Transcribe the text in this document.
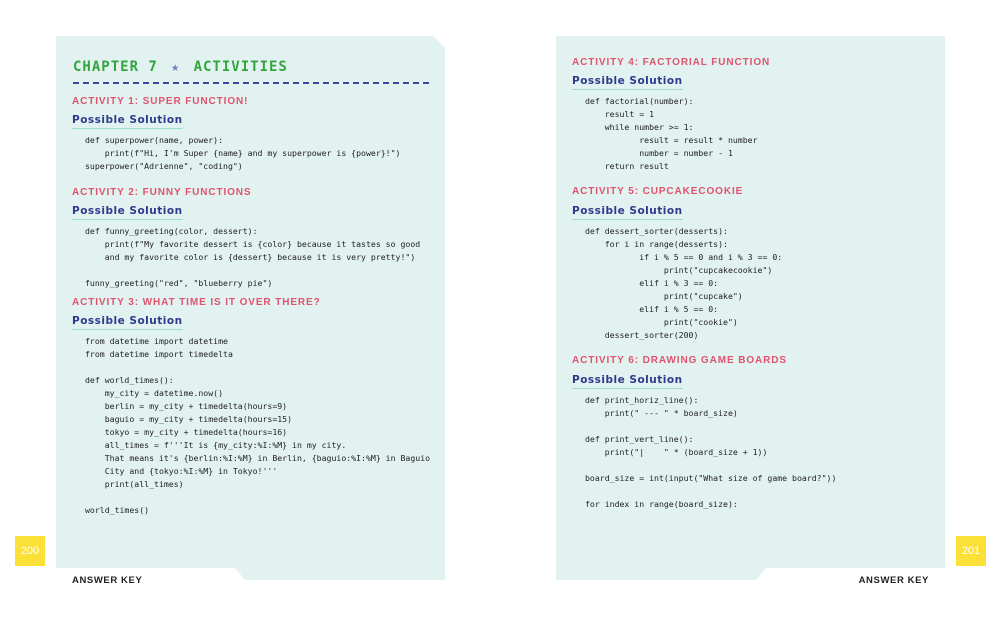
CHAPTER 7 ★ ACTIVITIES
ACTIVITY 1: SUPER FUNCTION!
Possible Solution
def superpower(name, power):
print(f"Hi, I'm Super {name} and my superpower is {power}!")
superpower("Adrienne", "coding")
ACTIVITY 2: FUNNY FUNCTIONS
Possible Solution
def funny_greeting(color, dessert):
print(f"My favorite dessert is {color} because it tastes so good
and my favorite color is {dessert} because it is very pretty!")

funny_greeting("red", "blueberry pie")
ACTIVITY 3: WHAT TIME IS IT OVER THERE?
Possible Solution
from datetime import datetime
from datetime import timedelta

def world_times():
my_city = datetime.now()
berlin = my_city + timedelta(hours=9)
baguio = my_city + timedelta(hours=15)
tokyo = my_city + timedelta(hours=16)
all_times = f'''It is {my_city:%I:%M} in my city.
That means it's {berlin:%I:%M} in Berlin, {baguio:%I:%M} in Baguio
City and {tokyo:%I:%M} in Tokyo!'''
print(all_times)

world_times()
200
ANSWER KEY
ACTIVITY 4: FACTORIAL FUNCTION
Possible Solution
def factorial(number):
result = 1
while number >= 1:
result = result * number
number = number - 1
return result
ACTIVITY 5: CUPCAKECOOKIE
Possible Solution
def dessert_sorter(desserts):
for i in range(desserts):
if i % 5 == 0 and i % 3 == 0:
print("cupcakecookie")
elif i % 3 == 0:
print("cupcake")
elif i % 5 == 0:
print("cookie")
dessert_sorter(200)
ACTIVITY 6: DRAWING GAME BOARDS
Possible Solution
def print_horiz_line():
print(" --- " * board_size)

def print_vert_line():
print("|    " * (board_size + 1))

board_size = int(input("What size of game board?"))

for index in range(board_size):
201
ANSWER KEY
